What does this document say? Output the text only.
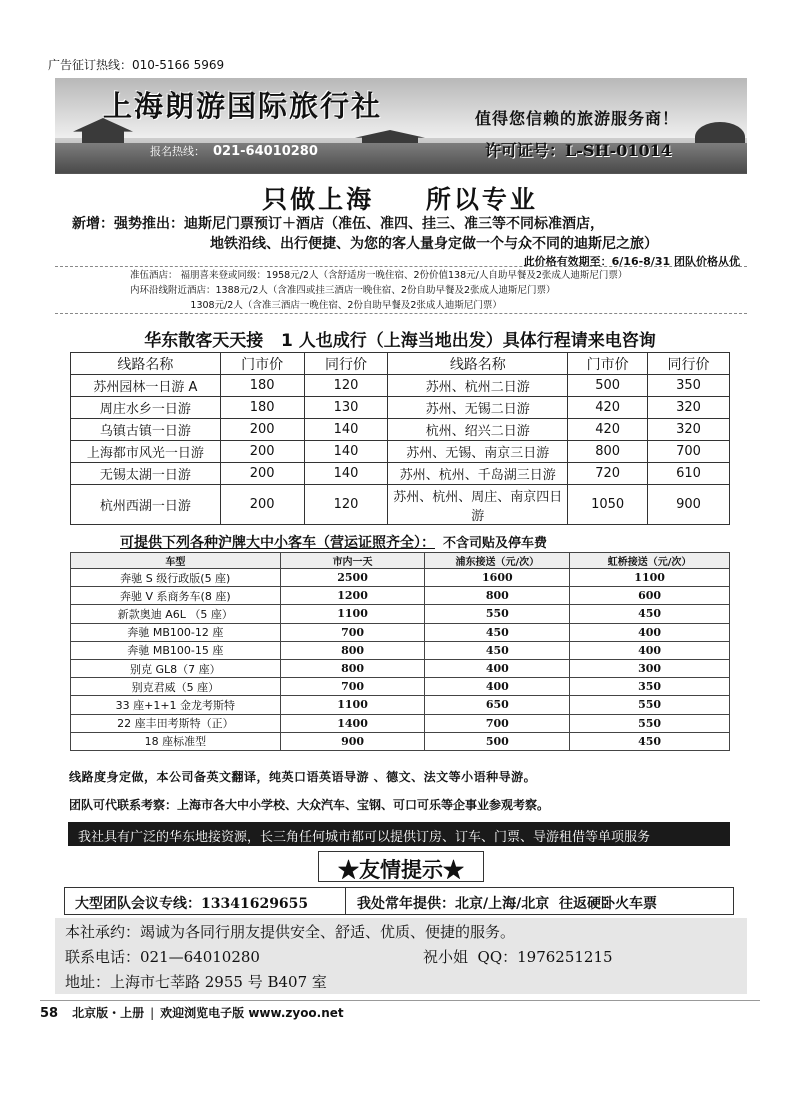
广告征订热线：010-5166 5969
上海朗游国际旅行社	值得您信赖的旅游服务商！
许可证号：L-SH-01014
报名热线： 021-64010280
只做上海 所以专业
新增：强势推出：迪斯尼门票预订＋酒店（准伍、准四、挂三、准三等不同标准酒店，
地铁沿线、出行便捷、为您的客人量身定做一个与众不同的迪斯尼之旅）
此价格有效期至：6/16-8/31 团队价格从优
准伍酒店： 福朋喜来登或同级：1958元/2人（含舒适房一晚住宿、2份价值138元/人自助早餐及2张成人迪斯尼门票）
内环沿线附近酒店：1388元/2人（含准四或挂三酒店一晚住宿、2份自助早餐及2张成人迪斯尼门票）
1308元/2人（含准三酒店一晚住宿、2份自助早餐及2张成人迪斯尼门票）
华东散客天天接   1 人也成行（上海当地出发）具体行程请来电咨询
线路名称	门市价	同行价	线路名称	门市价	同行价
苏州园林一日游 A	180	120	苏州、杭州二日游	500	350
周庄水乡一日游	180	130	苏州、无锡二日游	420	320
乌镇古镇一日游	200	140	杭州、绍兴二日游	420	320
上海都市风光一日游	200	140	苏州、无锡、南京三日游	800	700
无锡太湖一日游	200	140	苏州、杭州、千岛湖三日游	720	610
杭州西湖一日游	200	120	苏州、杭州、周庄、南京四日游	1050	900
可提供下列各种沪牌大中小客车（营运证照齐全）： 不含司贴及停车费
车型	市内一天	浦东接送（元/次）	虹桥接送（元/次）
奔驰 S 级行政版(5 座)	2500	1600	1100
奔驰 V 系商务车(8 座)	1200	800	600
新款奥迪 A6L （5 座）	1100	550	450
奔驰 MB100-12 座	700	450	400
奔驰 MB100-15 座	800	450	400
别克 GL8（7 座）	800	400	300
别克君威（5 座）	700	400	350
33 座+1+1 金龙考斯特	1100	650	550
22 座丰田考斯特（正）	1400	700	550
18 座标准型	900	500	450
线路度身定做，本公司备英文翻译，纯英口语英语导游 、德文、法文等小语种导游。
团队可代联系考察：上海市各大中小学校、大众汽车、宝钢、可口可乐等企事业参观考察。
我社具有广泛的华东地接资源，长三角任何城市都可以提供订房、订车、门票、导游租借等单项服务
★友情提示★
大型团队会议专线：13341629655	我处常年提供：北京/上海/北京  往返硬卧火车票
本社承约：竭诚为各同行朋友提供安全、舒适、优质、便捷的服务。
联系电话：021—64010280	祝小姐  QQ：1976251215
地址：上海市七莘路 2955 号 B407 室
58 北京版・上册 | 欢迎浏览电子版 www.zyoo.net
